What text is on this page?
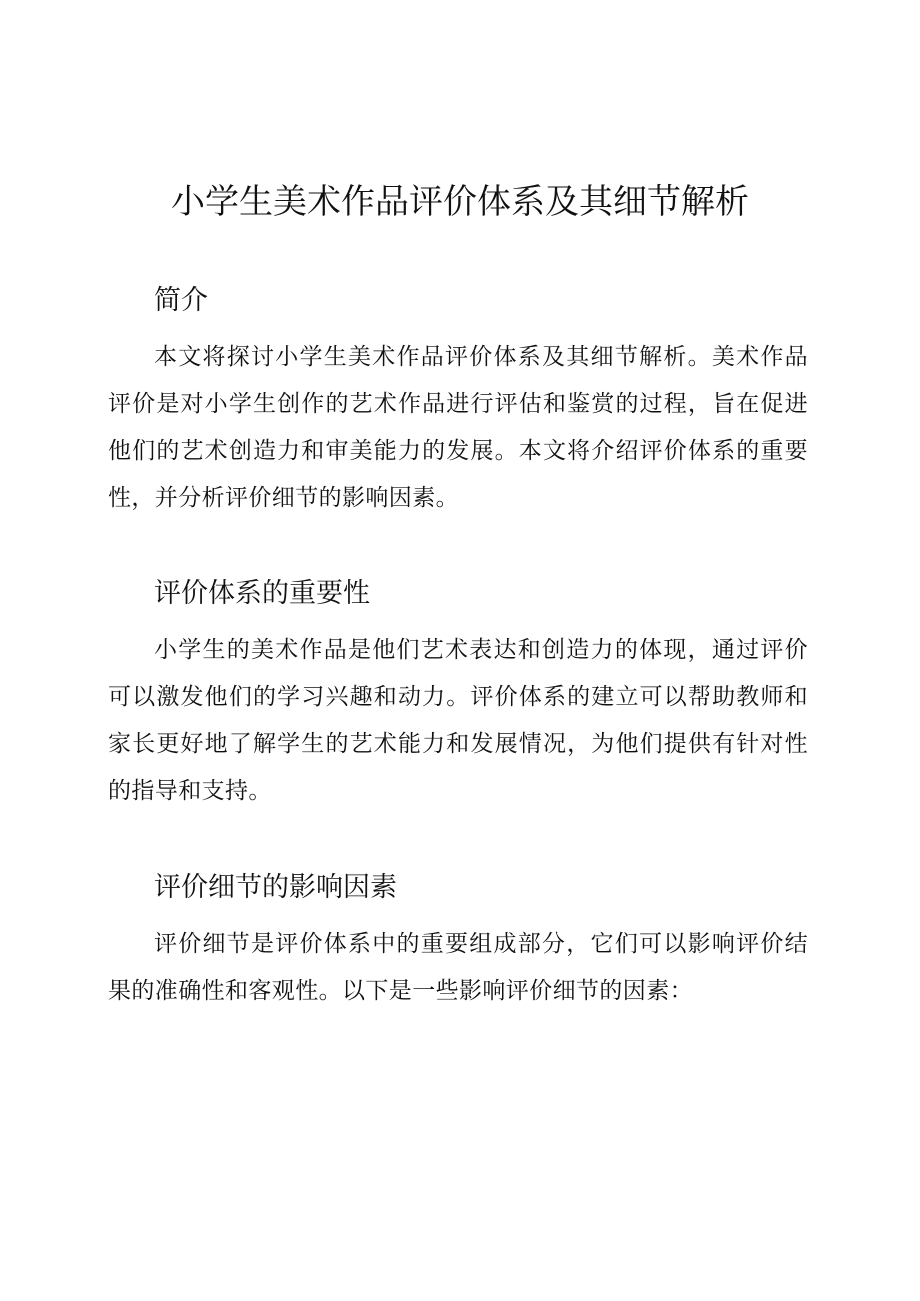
小学生美术作品评价体系及其细节解析
简介

本文将探讨小学生美术作品评价体系及其细节解析。美术作品评价是对小学生创作的艺术作品进行评估和鉴赏的过程，旨在促进他们的艺术创造力和审美能力的发展。本文将介绍评价体系的重要性，并分析评价细节的影响因素。

评价体系的重要性

小学生的美术作品是他们艺术表达和创造力的体现，通过评价可以激发他们的学习兴趣和动力。评价体系的建立可以帮助教师和家长更好地了解学生的艺术能力和发展情况，为他们提供有针对性的指导和支持。

评价细节的影响因素

评价细节是评价体系中的重要组成部分，它们可以影响评价结果的准确性和客观性。以下是一些影响评价细节的因素：
